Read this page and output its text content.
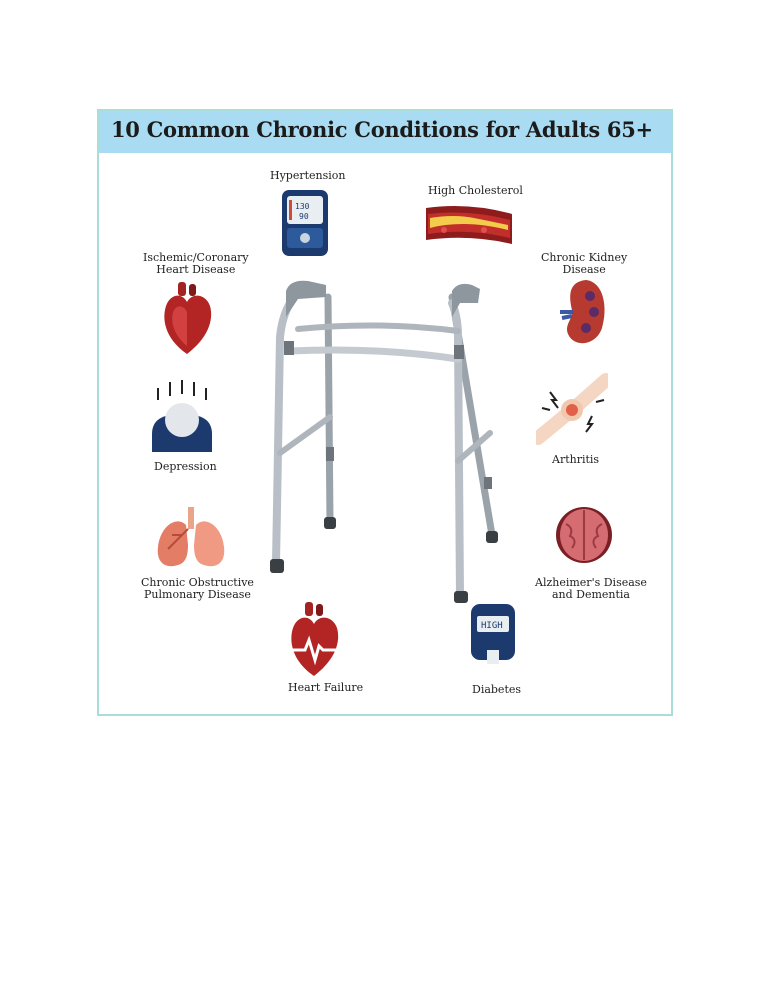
10 Common Chronic Conditions for Adults 65+
Hypertension
High Cholesterol
Ischemic/Coronary
Heart Disease
Chronic Kidney
Disease
Depression
Arthritis
Chronic Obstructive
Pulmonary Disease
Alzheimer's Disease
and Dementia
Heart Failure	Diabetes
130
90
HIGH
